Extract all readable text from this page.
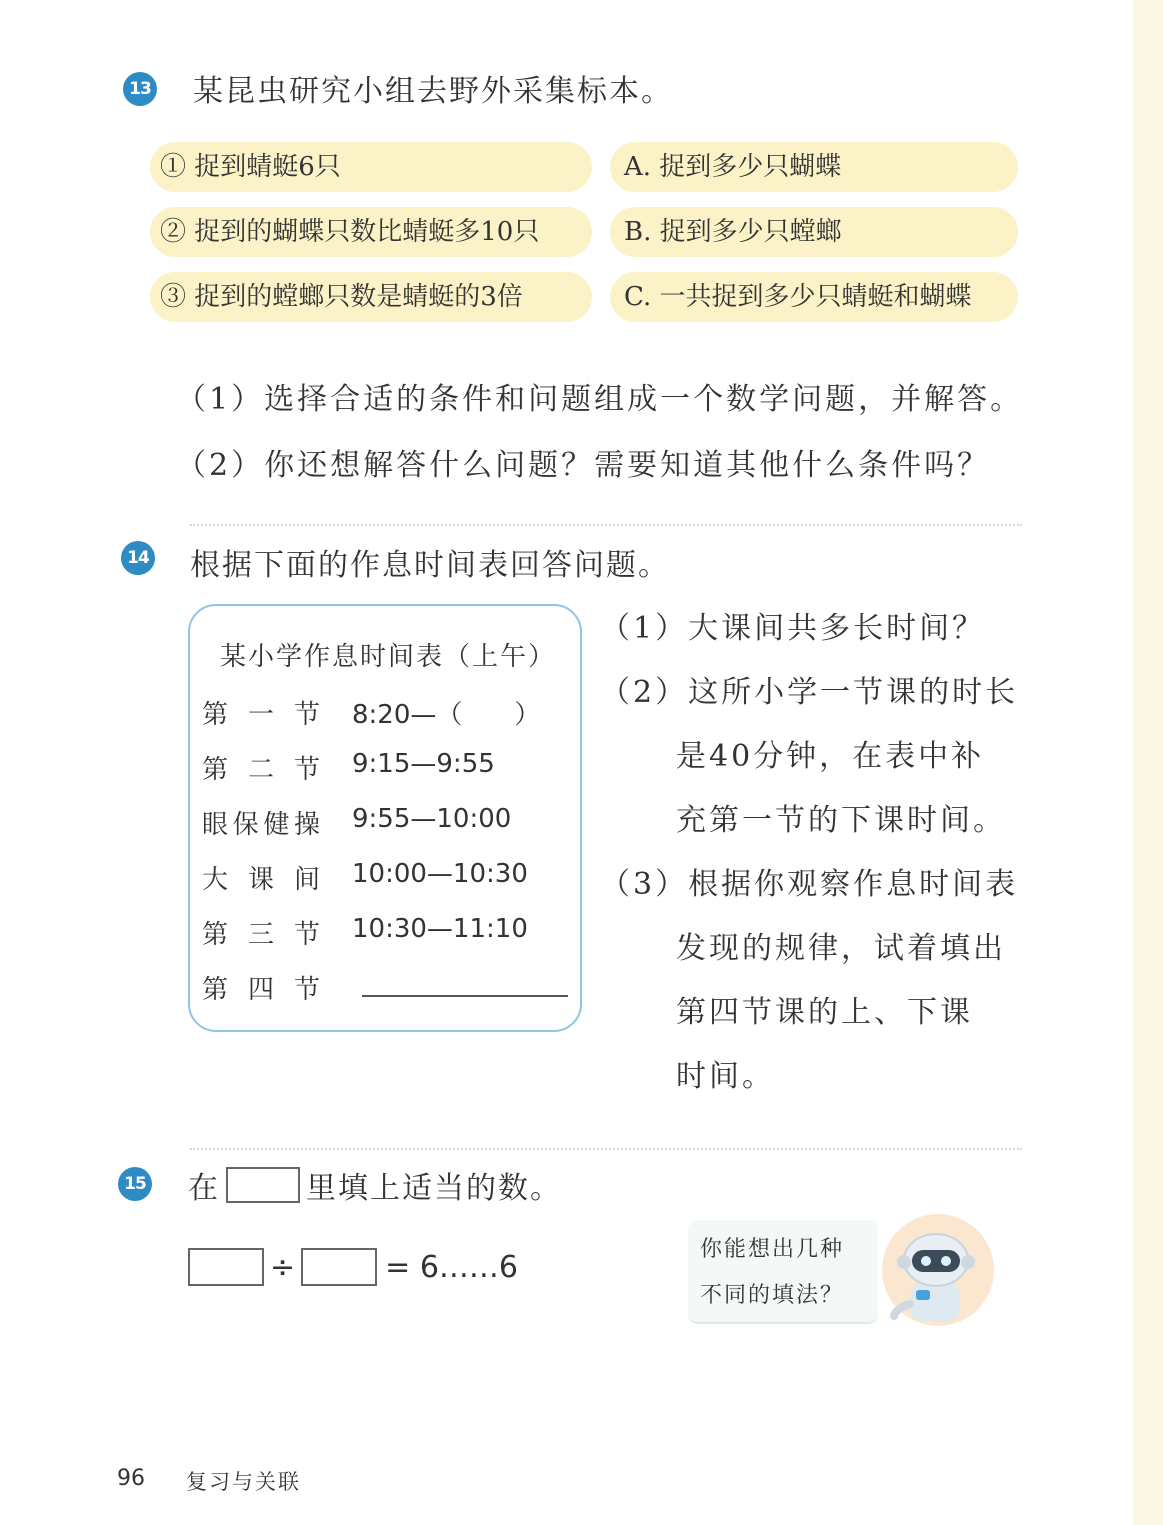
13 某昆虫研究小组去野外采集标本。
① 捉到蜻蜓6只
② 捉到的蝴蝶只数比蜻蜓多10只
③ 捉到的螳螂只数是蜻蜓的3倍
A. 捉到多少只蝴蝶
B. 捉到多少只螳螂
C. 一共捉到多少只蜻蜓和蝴蝶
（1）选择合适的条件和问题组成一个数学问题，并解答。
（2）你还想解答什么问题？需要知道其他什么条件吗？
14 根据下面的作息时间表回答问题。
某小学作息时间表（上午）
第 一 节 8:20—（　　）
第 二 节 9:15—9:55
眼 保 健 操 9:55—10:00
大 课 间 10:00—10:30
第 三 节 10:30—11:10
第 四 节
（1）大课间共多长时间？
（2）这所小学一节课的时长
是40分钟，在表中补
充第一节的下课时间。
（3）根据你观察作息时间表
发现的规律，试着填出
第四节课的上、下课
时间。
15 在	里填上适当的数。
÷	= 6……6	你能想出几种
不同的填法？
96 复习与关联
